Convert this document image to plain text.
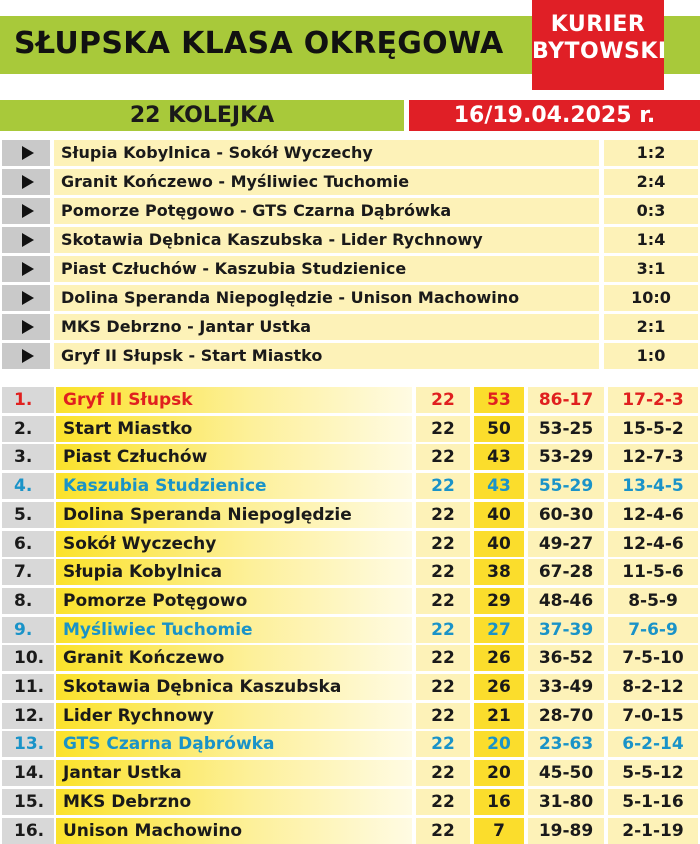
SŁUPSKA KLASA OKRĘGOWA
KURIER
BYTOWSKI
22 KOLEJKA	16/19.04.2025 r.
Słupia Kobylnica - Sokół Wyczechy	1:2
Granit Kończewo - Myśliwiec Tuchomie	2:4
Pomorze Potęgowo - GTS Czarna Dąbrówka	0:3
Skotawia Dębnica Kaszubska - Lider Rychnowy	1:4
Piast Człuchów - Kaszubia Studzienice	3:1
Dolina Speranda Niepoględzie - Unison Machowino	10:0
MKS Debrzno - Jantar Ustka	2:1
Gryf II Słupsk - Start Miastko	1:0
1.	Gryf II Słupsk	22	53	86-17	17-2-3
2.	Start Miastko	22	50	53-25	15-5-2
3.	Piast Człuchów	22	43	53-29	12-7-3
4.	Kaszubia Studzienice	22	43	55-29	13-4-5
5.	Dolina Speranda Niepoględzie	22	40	60-30	12-4-6
6.	Sokół Wyczechy	22	40	49-27	12-4-6
7.	Słupia Kobylnica	22	38	67-28	11-5-6
8.	Pomorze Potęgowo	22	29	48-46	8-5-9
9.	Myśliwiec Tuchomie	22	27	37-39	7-6-9
10.	Granit Kończewo	22	26	36-52	7-5-10
11.	Skotawia Dębnica Kaszubska	22	26	33-49	8-2-12
12.	Lider Rychnowy	22	21	28-70	7-0-15
13.	GTS Czarna Dąbrówka	22	20	23-63	6-2-14
14.	Jantar Ustka	22	20	45-50	5-5-12
15.	MKS Debrzno	22	16	31-80	5-1-16
16.	Unison Machowino	22	7	19-89	2-1-19
